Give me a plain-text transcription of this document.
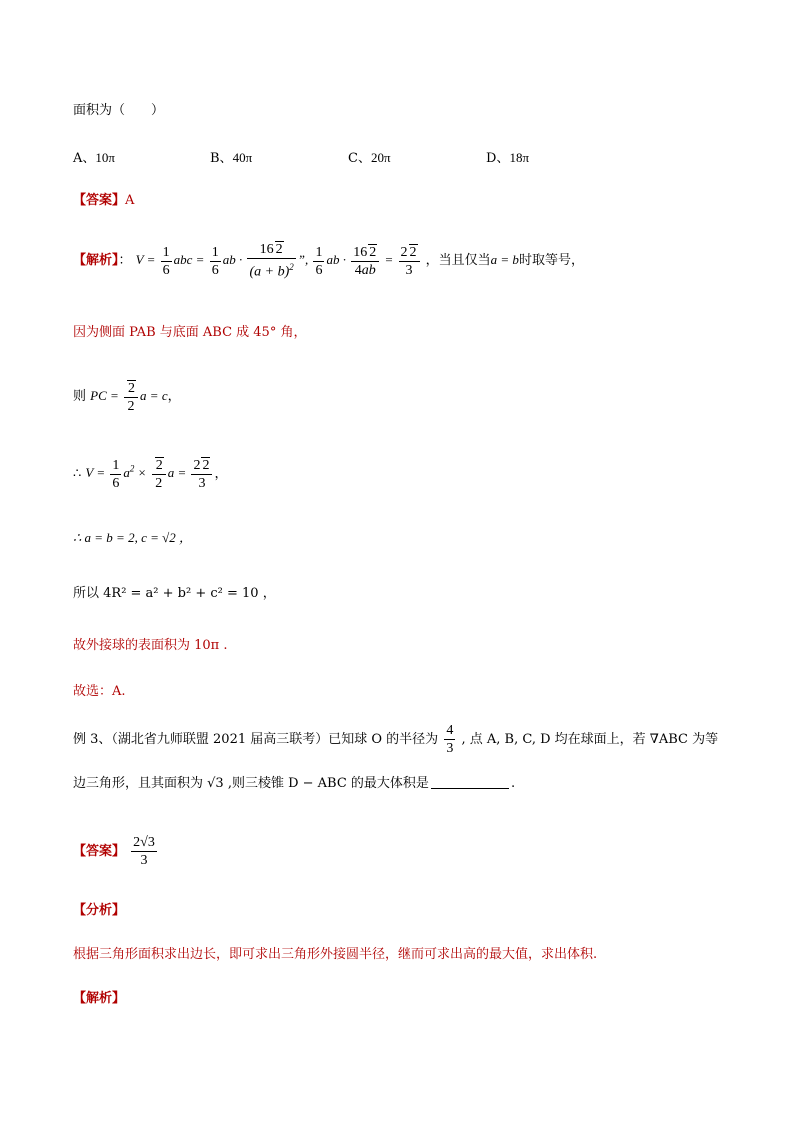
面积为（　　）
A、10π	B、40π	C、20π	D、18π
【答案】A
【解析】： $V = \frac{1}{6}$ abc = $\frac{1}{6}$ ab · $\frac{16 2}{(a + b)^2}$ ”, $\frac{1}{6}$ ab · $\frac{16 2}{4ab} = \frac{2 2}{3}$ ，当且仅当a = b时取等号，
因为侧面 PAB 与底面 ABC 成 45° 角，
则 PC = $\frac{2}{2}$ a = c，
∴ $V = \frac{1}{6} a^2 \times \frac{2}{2}$ $a = \frac{2 2}{3}$ ，
∴ a = b = 2, c = √2 ，
所以 4R² = a² + b² + c² = 10 ，
故外接球的表面积为 10π .
故选：A.
例 3、（湖北省九师联盟 2021 届高三联考）已知球 O 的半径为 $\frac{4}{3}$ , 点 A, B, C, D 均在球面上，若 ∇ABC 为等
边三角形，且其面积为 √3 ,则三棱锥 D − ABC 的最大体积是	.
【答案】 $\frac{2√3}{3}$
【分析】
根据三角形面积求出边长，即可求出三角形外接圆半径，继而可求出高的最大值，求出体积.
【解析】
